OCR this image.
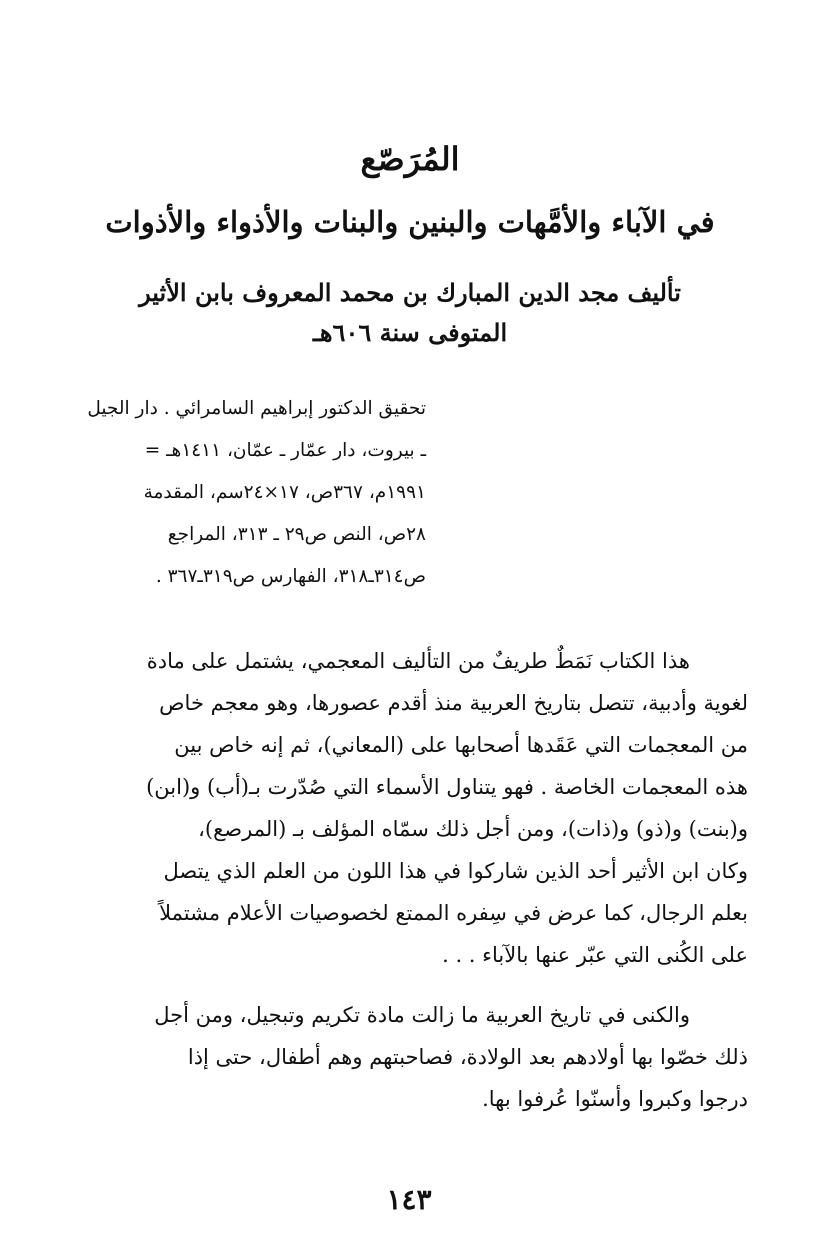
المُرَصّع
في الآباء والأمَّهات والبنين والبنات والأذواء والأذوات
تأليف مجد الدين المبارك بن محمد المعروف بابن الأثير
المتوفى سنة ٦٠٦هـ
تحقيق الدكتور إبراهيم السامرائي . دار الجيل
ـ بيروت، دار عمّار ـ عمّان، ١٤١١هـ =
١٩٩١م، ٣٦٧ص، ١٧×٢٤سم، المقدمة
٢٨ص، النص ص٢٩ ـ ٣١٣، المراجع
ص٣١٤ـ٣١٨، الفهارس ص٣١٩ـ٣٦٧ .
هذا الكتاب نَمَطٌ طريفٌ من التأليف المعجمي، يشتمل على مادة
لغوية وأدبية، تتصل بتاريخ العربية منذ أقدم عصورها، وهو معجم خاص
من المعجمات التي عَقَدها أصحابها على (المعاني)، ثم إنه خاص بين
هذه المعجمات الخاصة . فهو يتناول الأسماء التي صُدّرت بـ(أب) و(ابن)
و(بنت) و(ذو) و(ذات)، ومن أجل ذلك سمّاه المؤلف بـ (المرصع)،
وكان ابن الأثير أحد الذين شاركوا في هذا اللون من العلم الذي يتصل
بعلم الرجال، كما عرض في سِفره الممتع لخصوصيات الأعلام مشتملاً
على الكُنى التي عبّر عنها بالآباء . . .
والكنى في تاريخ العربية ما زالت مادة تكريم وتبجيل، ومن أجل
ذلك خصّوا بها أولادهم بعد الولادة، فصاحبتهم وهم أطفال، حتى إذا
درجوا وكبروا وأسنّوا عُرفوا بها.
١٤٣
